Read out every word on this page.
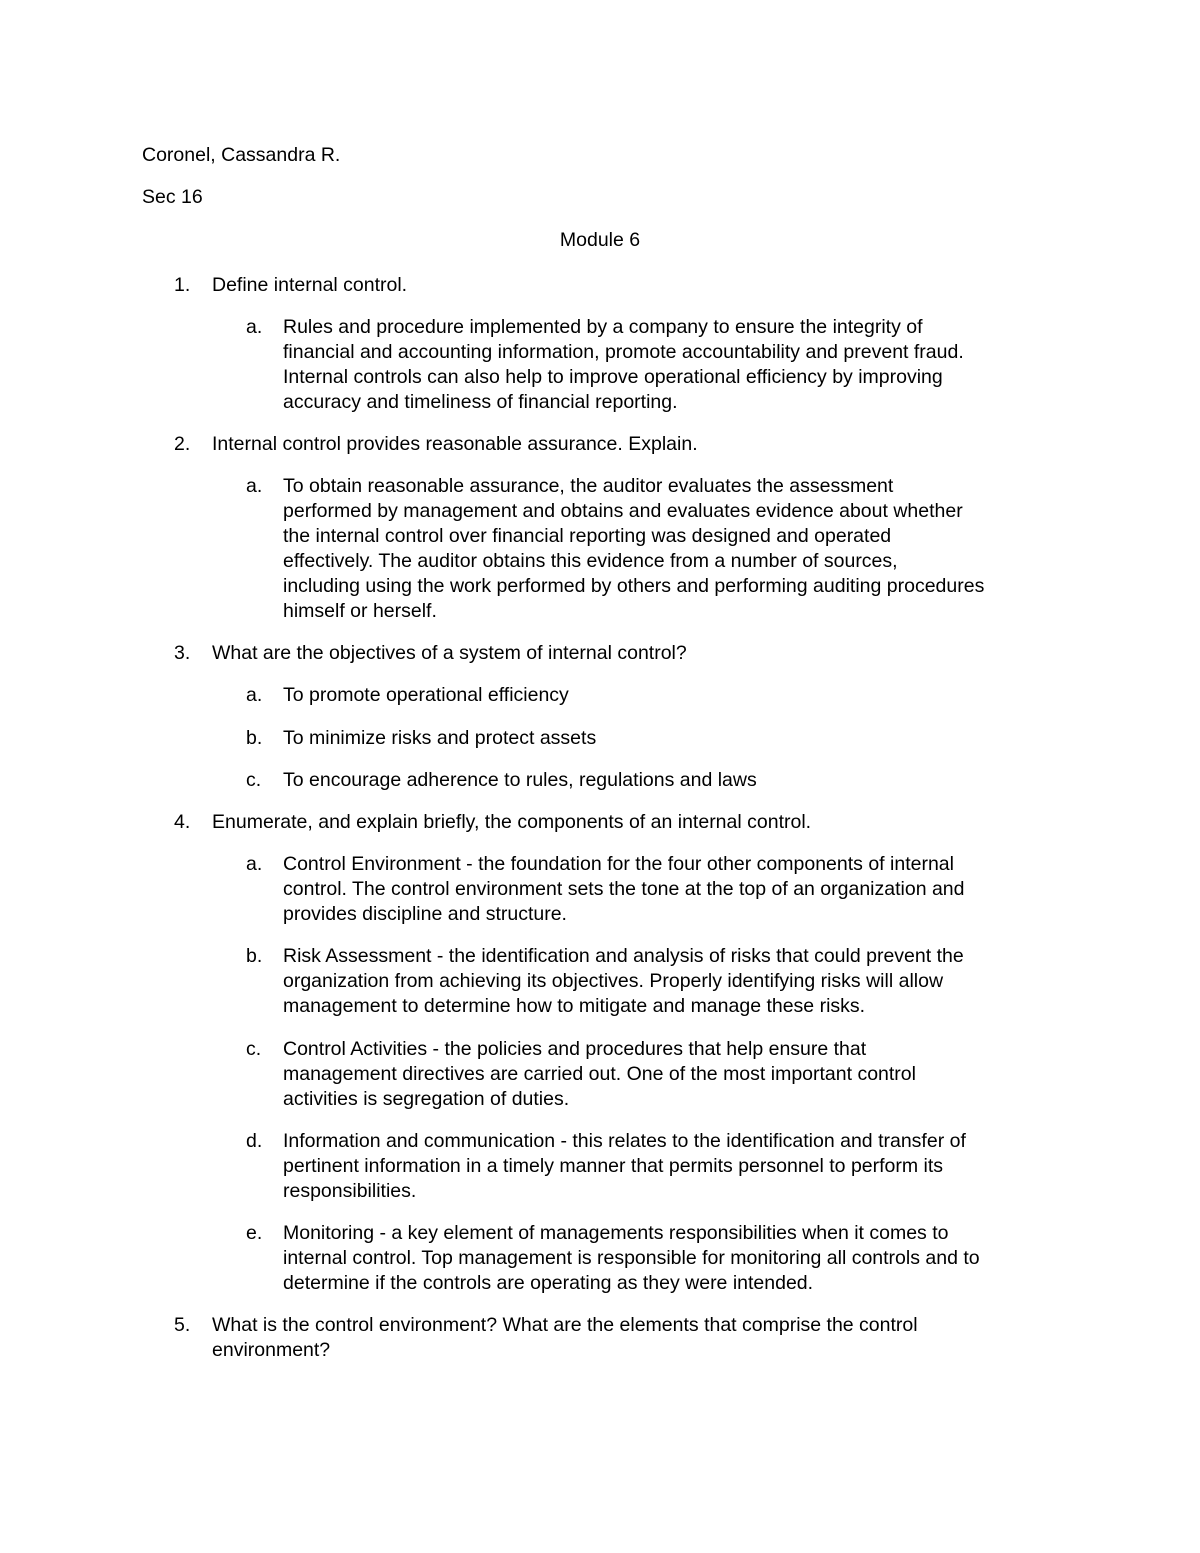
Coronel, Cassandra R.
Sec 16
Module 6
1.	Define internal control.
a.	Rules and procedure implemented by a company to ensure the integrity of
financial and accounting information, promote accountability and prevent fraud.
Internal controls can also help to improve operational efficiency by improving
accuracy and timeliness of financial reporting.
2.	Internal control provides reasonable assurance. Explain.
a.	To obtain reasonable assurance, the auditor evaluates the assessment
performed by management and obtains and evaluates evidence about whether
the internal control over financial reporting was designed and operated
effectively. The auditor obtains this evidence from a number of sources,
including using the work performed by others and performing auditing procedures
himself or herself.
3.	What are the objectives of a system of internal control?
a.	To promote operational efficiency
b.	To minimize risks and protect assets
c.	To encourage adherence to rules, regulations and laws
4.	Enumerate, and explain briefly, the components of an internal control.
a.	Control Environment - the foundation for the four other components of internal
control. The control environment sets the tone at the top of an organization and
provides discipline and structure.
b.	Risk Assessment - the identification and analysis of risks that could prevent the
organization from achieving its objectives. Properly identifying risks will allow
management to determine how to mitigate and manage these risks.
c.	Control Activities - the policies and procedures that help ensure that
management directives are carried out. One of the most important control
activities is segregation of duties.
d.	Information and communication - this relates to the identification and transfer of
pertinent information in a timely manner that permits personnel to perform its
responsibilities.
e.	Monitoring - a key element of managements responsibilities when it comes to
internal control. Top management is responsible for monitoring all controls and to
determine if the controls are operating as they were intended.
5.	What is the control environment? What are the elements that comprise the control
environment?
